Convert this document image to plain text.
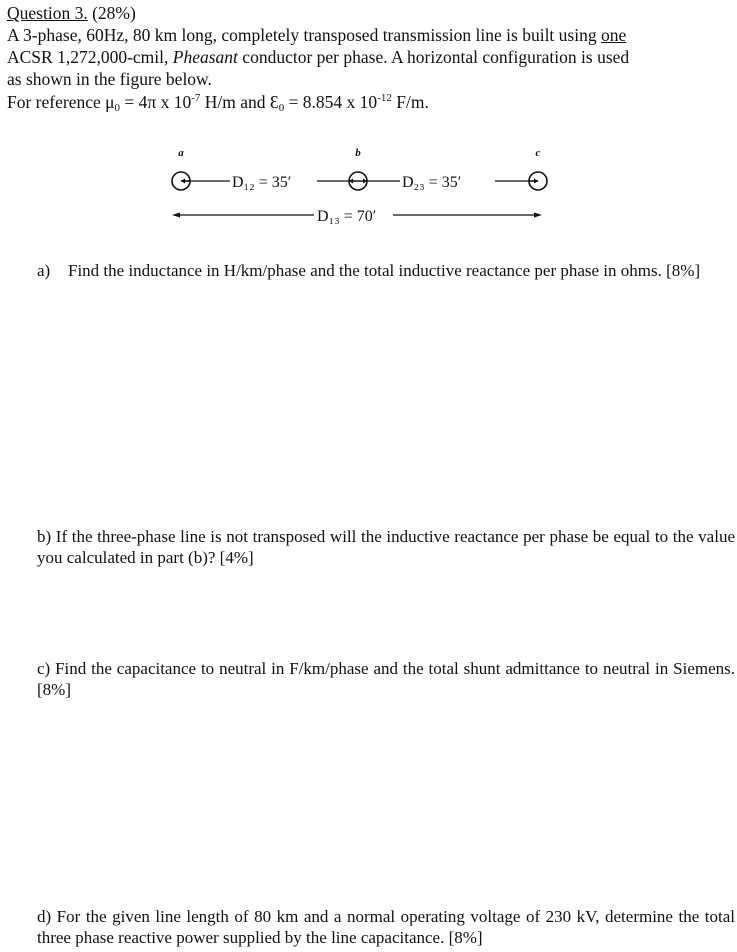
Question 3. (28%)
A 3-phase, 60Hz, 80 km long, completely transposed transmission line is built using one
ACSR 1,272,000-cmil, Pheasant conductor per phase. A horizontal configuration is used
as shown in the figure below.
For reference $\mu_0 = 4\pi$ x $10^{-7}$ H/m and $Ɛ_0 = 8.854$ x $10^{-12}$ F/m.
a	b	c
D₁₂ = 35′	D₂₃ = 35′
D₁₃ = 70′
a) Find the inductance in H/km/phase and the total inductive reactance per phase in ohms. [8%]
b) If the three-phase line is not transposed will the inductive reactance per phase be equal to the value you calculated in part (b)? [4%]
c) Find the capacitance to neutral in F/km/phase and the total shunt admittance to neutral in Siemens. [8%]
d) For the given line length of 80 km and a normal operating voltage of 230 kV, determine the total three phase reactive power supplied by the line capacitance. [8%]
